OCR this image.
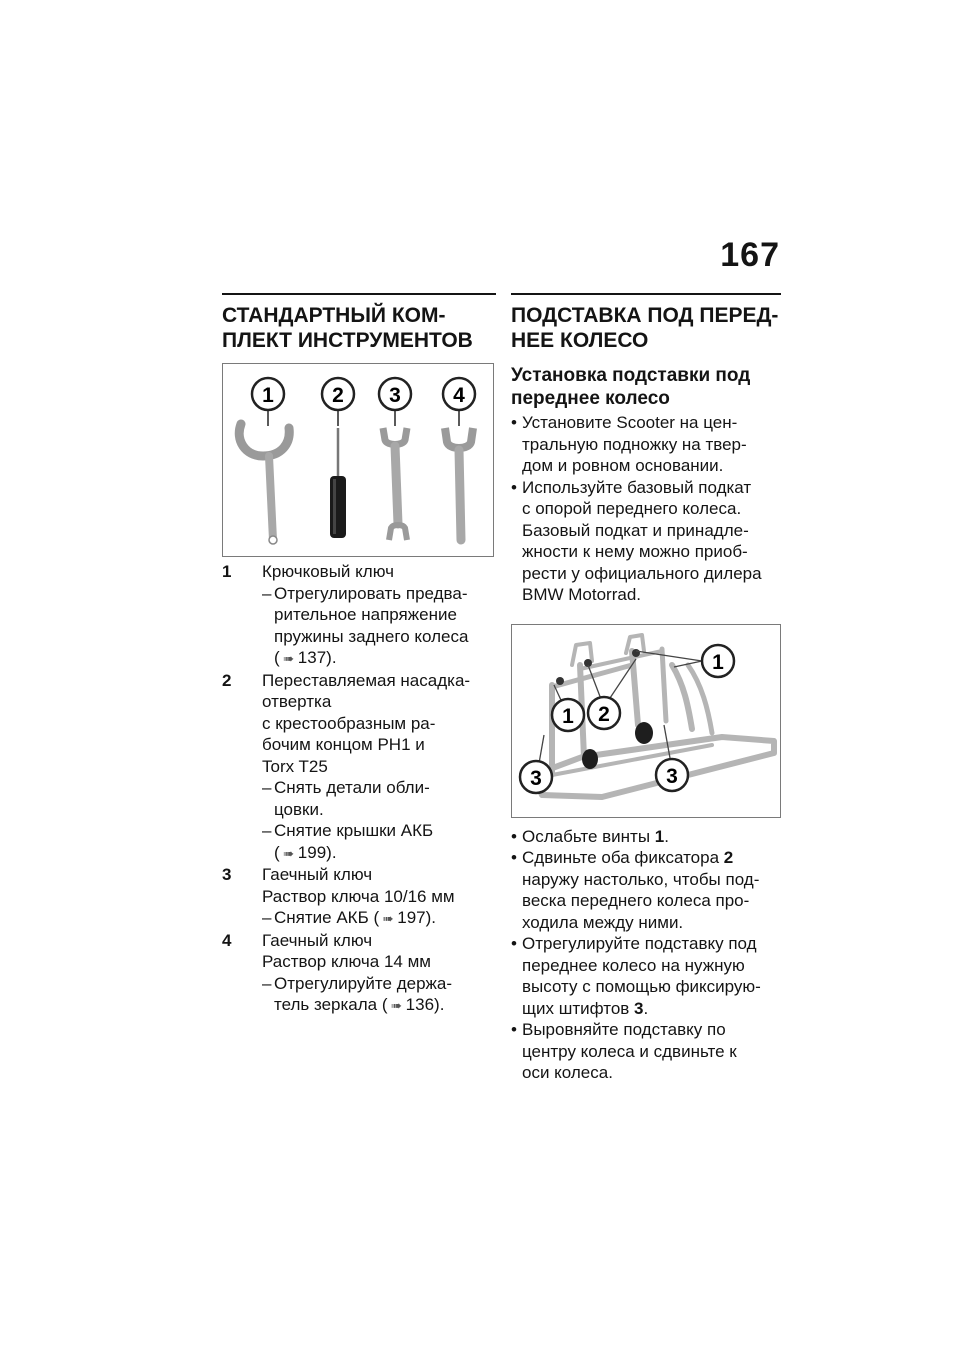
167
СТАНДАРТНЫЙ КОМ-
ПЛЕКТ ИНСТРУМЕНТОВ
1	2 3 4
1	Крючковый ключ
– Отрегулировать предва-
рительное напряжение
пружины заднего колеса
( ➠ 137).
2	Переставляемая насадка-
отвертка
с крестообразным ра-
бочим концом PH1 и
Torx T25
– Снять детали обли-
цовки.
– Снятие крышки АКБ
( ➠ 199).
3	Гаечный ключ
Раствор ключа 10/16 мм
– Снятие АКБ ( ➠ 197).
4	Гаечный ключ
Раствор ключа 14 мм
– Отрегулируйте держа-
тель зеркала ( ➠ 136).
ПОДСТАВКА ПОД ПЕРЕД-
НЕЕ КОЛЕСО
Установка подставки под
переднее колесо
• Установите Scooter на цен-
тральную подножку на твер-
дом и ровном основании.
• Используйте базовый подкат
с опорой переднего колеса.
Базовый подкат и принадле-
жности к нему можно приоб-
рести у официального дилера
BMW Motorrad.
1
1 2
3	3
• Ослабьте винты 1.
• Сдвиньте оба фиксатора 2
наружу настолько, чтобы под-
веска переднего колеса про-
ходила между ними.
• Отрегулируйте подставку под
переднее колесо на нужную
высоту с помощью фиксирую-
щих штифтов 3.
• Выровняйте подставку по
центру колеса и сдвиньте к
оси колеса.
